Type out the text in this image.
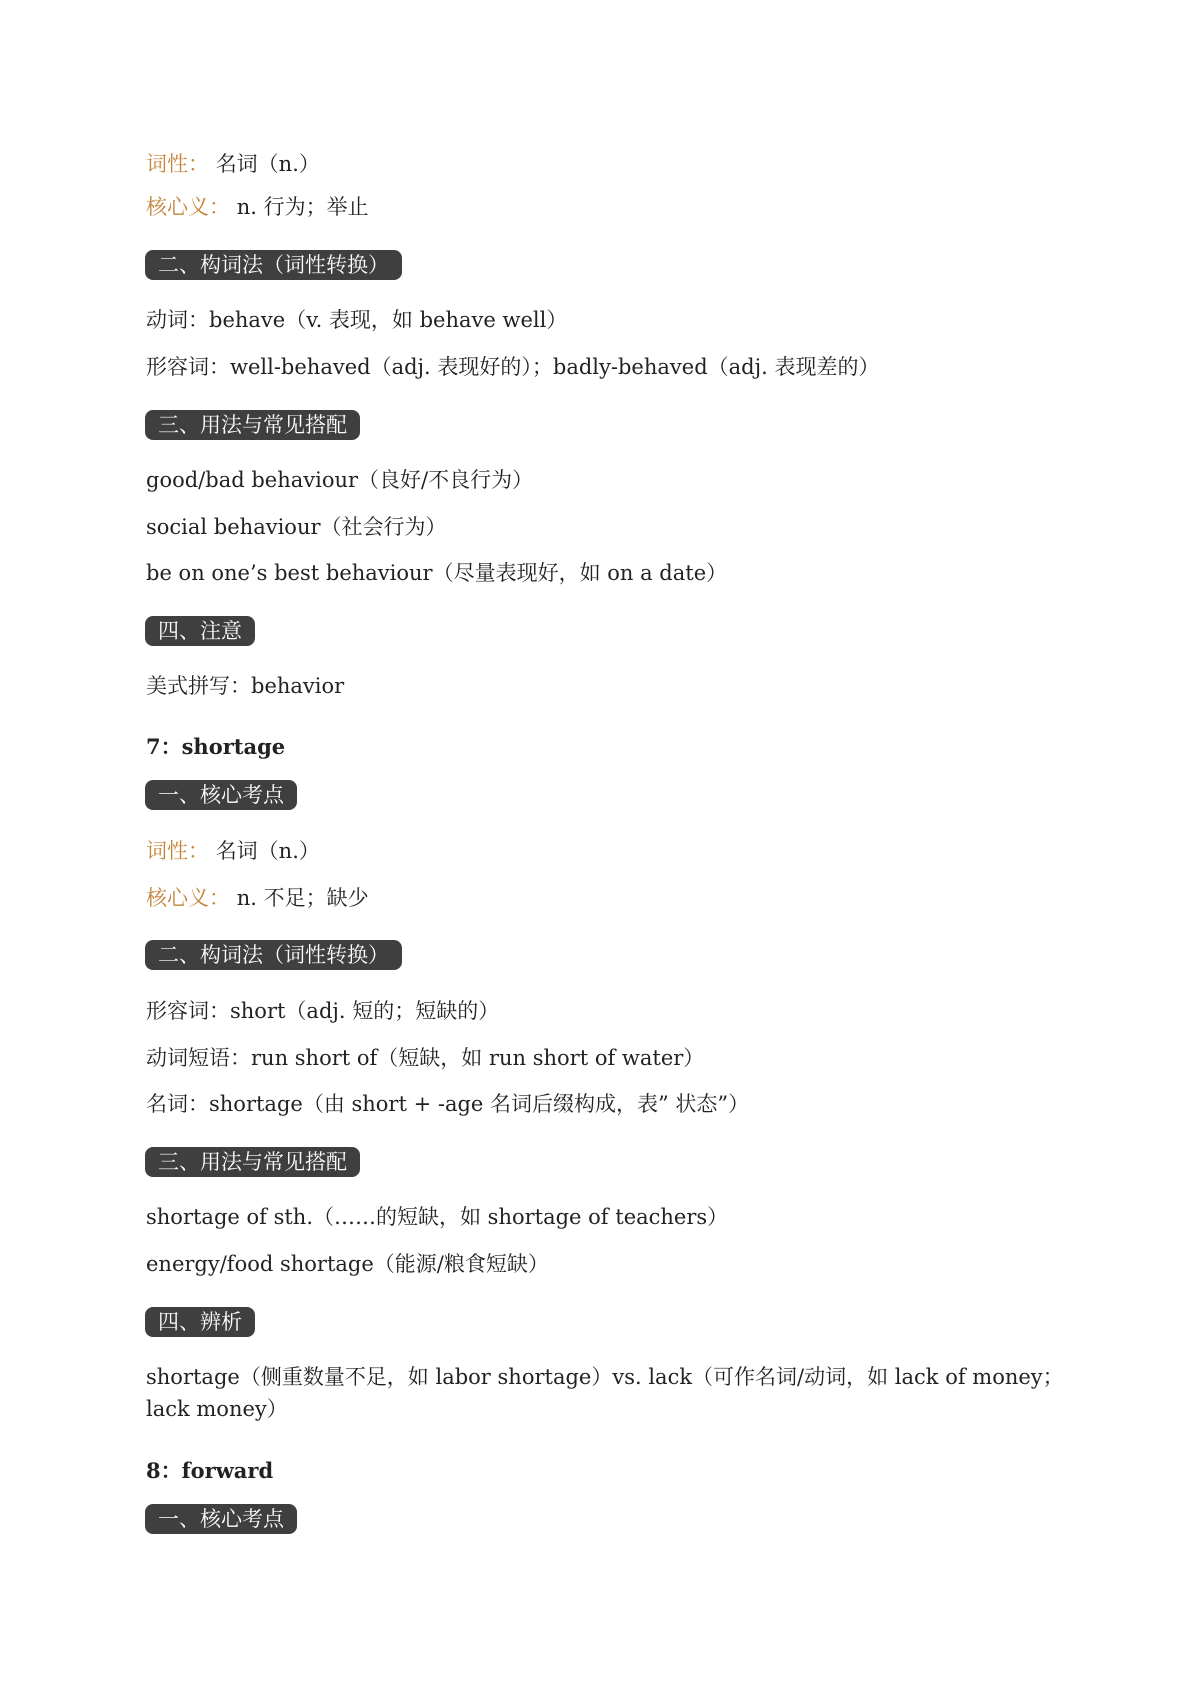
词性： 名词（n.）
核心义： n. 行为；举止
二、构词法（词性转换）
动词：behave（v. 表现，如 behave well）
形容词：well-behaved（adj. 表现好的）；badly-behaved（adj. 表现差的）
三、用法与常见搭配
good/bad behaviour（良好/不良行为）
social behaviour（社会行为）
be on one’s best behaviour（尽量表现好，如 on a date）
四、注意
美式拼写：behavior
7：shortage
一、核心考点
词性： 名词（n.）
核心义： n. 不足；缺少
二、构词法（词性转换）
形容词：short（adj. 短的；短缺的）
动词短语：run short of（短缺，如 run short of water）
名词：shortage（由 short + -age 名词后缀构成，表” 状态”）
三、用法与常见搭配
shortage of sth.（……的短缺，如 shortage of teachers）
energy/food shortage（能源/粮食短缺）
四、辨析
shortage（侧重数量不足，如 labor shortage）vs. lack（可作名词/动词，如 lack of money；lack money）
8：forward
一、核心考点
